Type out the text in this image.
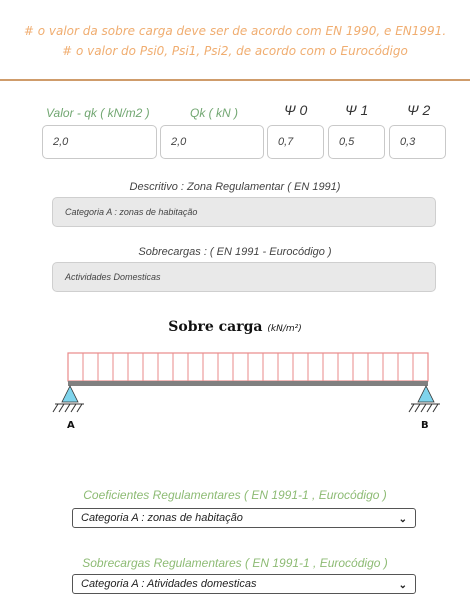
# o valor da sobre carga deve ser de acordo com EN 1990, e EN1991.
# o valor do Psi0, Psi1, Psi2, de acordo com o Eurocódigo
Valor - qk ( kN/m2 )	Qk ( kN )	Ψ 0	Ψ 1	Ψ 2
2,0	2,0	0,7	0,5	0,3
Descritivo : Zona Regulamentar ( EN 1991)
Categoria A : zonas de habitação
Sobrecargas : ( EN 1991 - Eurocódigo )
Actividades Domesticas
Sobre carga (kN/m²)
A	B
Coeficientes Regulamentares ( EN 1991-1 , Eurocódigo )
Categoria A : zonas de habitação	⌄
Sobrecargas Regulamentares ( EN 1991-1 , Eurocódigo )
Categoria A : Atividades domesticas	⌄
